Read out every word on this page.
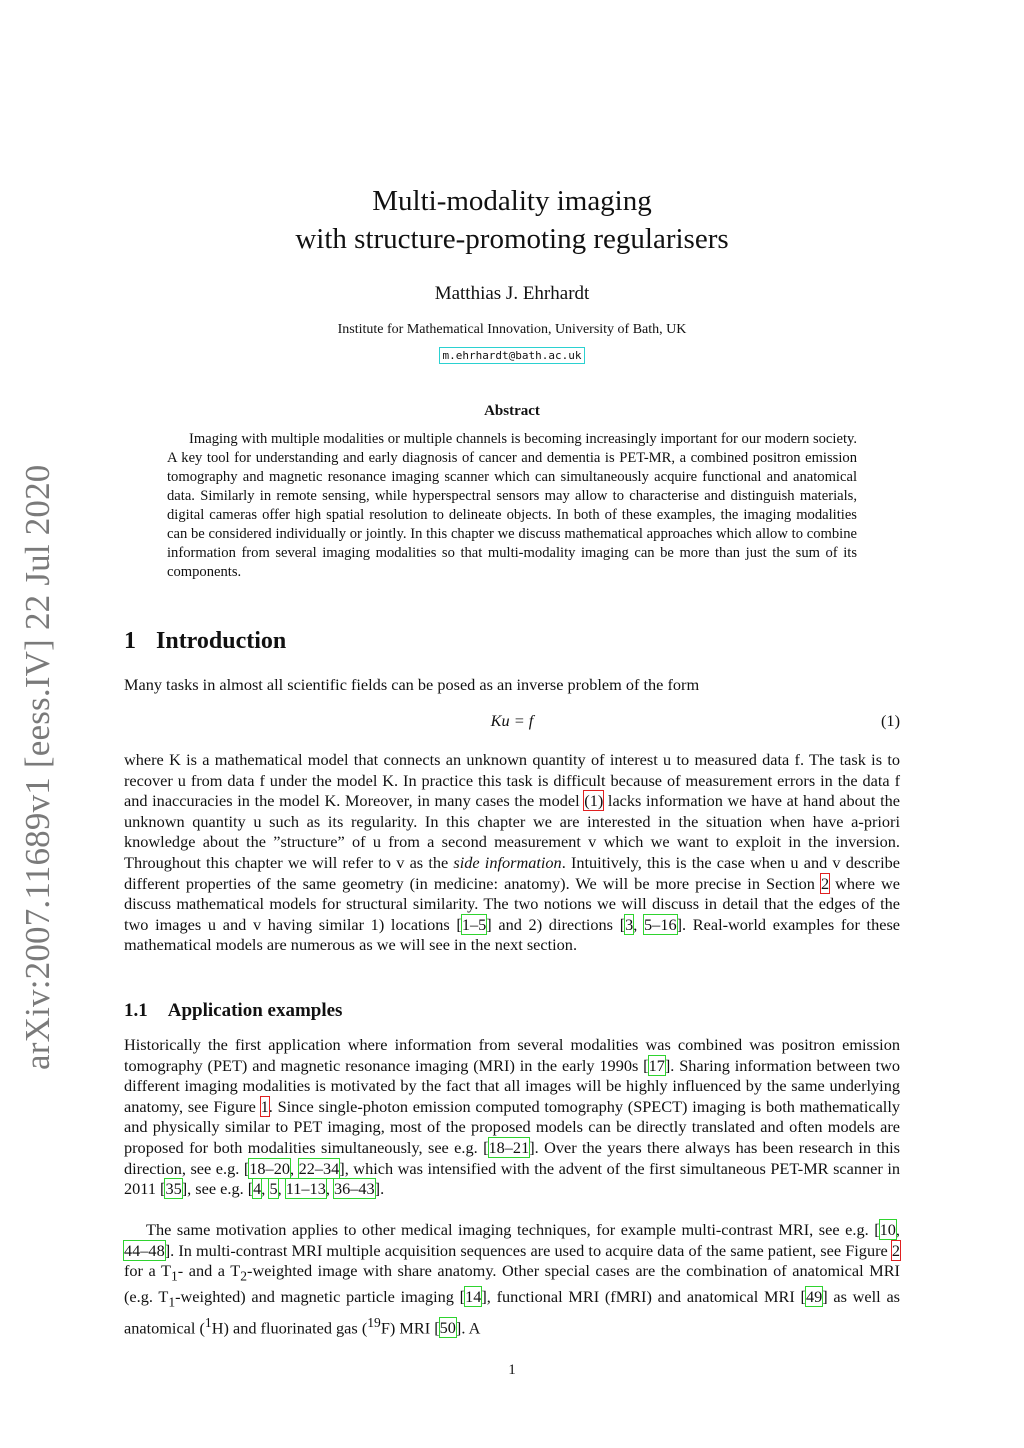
arXiv:2007.11689v1 [eess.IV] 22 Jul 2020
Multi-modality imaging
with structure-promoting regularisers
Matthias J. Ehrhardt
Institute for Mathematical Innovation, University of Bath, UK
m.ehrhardt@bath.ac.uk
Abstract

Imaging with multiple modalities or multiple channels is becoming increasingly important for our modern society. A key tool for understanding and early diagnosis of cancer and dementia is PET-MR, a combined positron emission tomography and magnetic resonance imaging scanner which can simultaneously acquire functional and anatomical data. Similarly in remote sensing, while hyperspectral sensors may allow to characterise and distinguish materials, digital cameras offer high spatial resolution to delineate objects. In both of these examples, the imaging modalities can be considered individually or jointly. In this chapter we discuss mathematical approaches which allow to combine information from several imaging modalities so that multi-modality imaging can be more than just the sum of its components.

1 Introduction

Many tasks in almost all scientific fields can be posed as an inverse problem of the form

Ku = f	(1)

where K is a mathematical model that connects an unknown quantity of interest u to measured data f. The task is to recover u from data f under the model K. In practice this task is difficult because of measurement errors in the data f and inaccuracies in the model K. Moreover, in many cases the model (1) lacks information we have at hand about the unknown quantity u such as its regularity. In this chapter we are interested in the situation when have a-priori knowledge about the ”structure” of u from a second measurement v which we want to exploit in the inversion. Throughout this chapter we will refer to v as the side information. Intuitively, this is the case when u and v describe different properties of the same geometry (in medicine: anatomy). We will be more precise in Section 2 where we discuss mathematical models for structural similarity. The two notions we will discuss in detail that the edges of the two images u and v having similar 1) locations [1–5] and 2) directions [3, 5–16]. Real-world examples for these mathematical models are numerous as we will see in the next section.

1.1 Application examples

Historically the first application where information from several modalities was combined was positron emission tomography (PET) and magnetic resonance imaging (MRI) in the early 1990s [17]. Sharing information between two different imaging modalities is motivated by the fact that all images will be highly influenced by the same underlying anatomy, see Figure 1. Since single-photon emission computed tomography (SPECT) imaging is both mathematically and physically similar to PET imaging, most of the proposed models can be directly translated and often models are proposed for both modalities simultaneously, see e.g. [18–21]. Over the years there always has been research in this direction, see e.g. [18–20, 22–34], which was intensified with the advent of the first simultaneous PET-MR scanner in 2011 [35], see e.g. [4, 5, 11–13, 36–43].

The same motivation applies to other medical imaging techniques, for example multi-contrast MRI, see e.g. [10, 44–48]. In multi-contrast MRI multiple acquisition sequences are used to acquire data of the same patient, see Figure 2 for a $T_1-$ and a $T_2$-weighted image with share anatomy. Other special cases are the combination of anatomical MRI (e.g. $T_1-weighted$) and magnetic particle imaging [14], functional MRI (fMRI) and anatomical MRI [49] as well as anatomical ($^1$H) and fluorinated gas ($^{19}$F) MRI [50]. A

1
